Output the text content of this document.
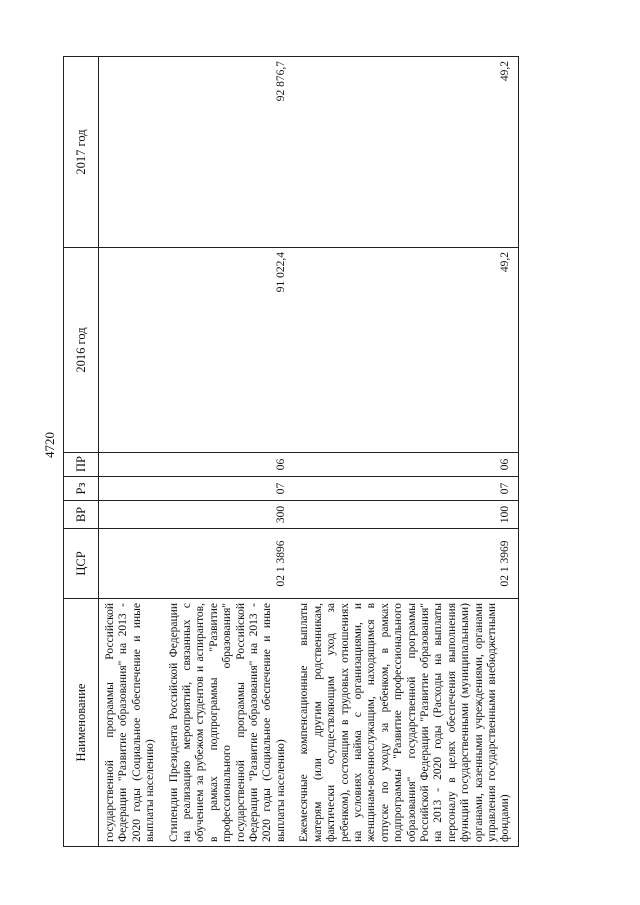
4720
Наименование	ЦСР	ВР	Рз	ПР	2016 год	2017 год
государственной программы Российской Федерации "Развитие образования" на 2013 - 2020 годы (Социальное обеспечение и иные выплаты населению)						
Стипендии Президента Российской Федерации на реализацию мероприятий, связанных с обучением за рубежом студентов и аспирантов, в рамках подпрограммы "Развитие профессионального образования" государственной программы Российской Федерации "Развитие образования" на 2013 - 2020 годы (Социальное обеспечение и иные выплаты населению)	02 1 3896	300	07	06	91 022,4	92 876,7
Ежемесячные компенсационные выплаты матерям (или другим родственникам, фактически осуществляющим уход за ребенком), состоящим в трудовых отношениях на условиях найма с организациями, и женщинам-военнослужащим, находящимся в отпуске по уходу за ребенком, в рамках подпрограммы "Развитие профессионального образования" государственной программы Российской Федерации "Развитие образования" на 2013 - 2020 годы (Расходы на выплаты персоналу в целях обеспечения выполнения функций государственными (муниципальными) органами, казенными учреждениями, органами управления государственными внебюджетными фондами)	02 1 3969	100	07	06	49,2	49,2
